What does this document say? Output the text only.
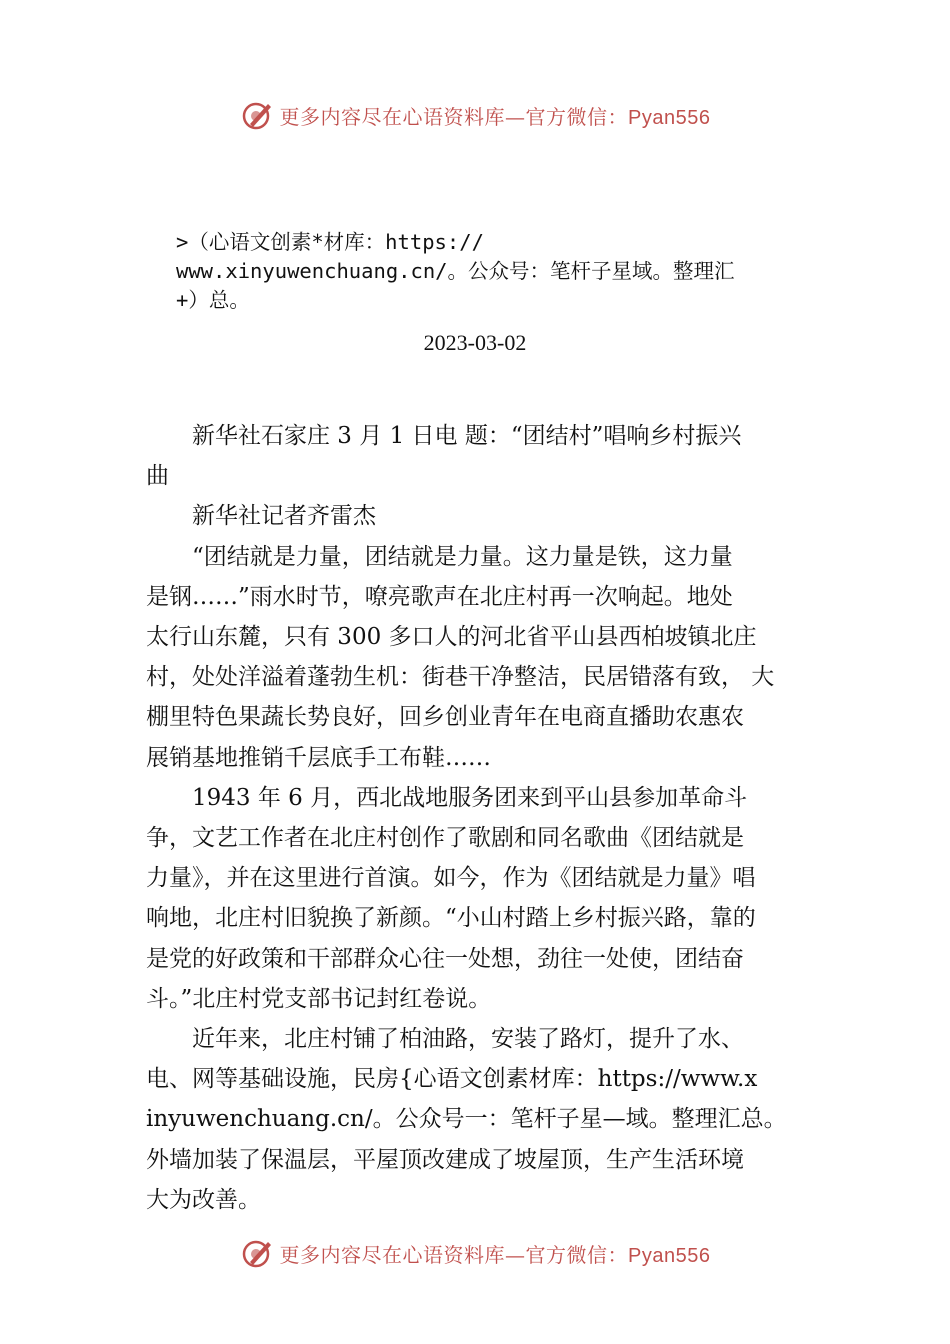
更多内容尽在心语资料库—官方微信：Pyan556
>（心语文创素*材库：https://
www.xinyuwenchuang.cn/。公众号：笔杆子星域。整理汇
+）总。
2023-03-02

　　新华社石家庄 3 月 1 日电 题：“团结村”唱响乡村振兴

曲

　　新华社记者齐雷杰

　　“团结就是力量，团结就是力量。这力量是铁，这力量

是钢……”雨水时节，嘹亮歌声在北庄村再一次响起。地处

太行山东麓，只有 300 多口人的河北省平山县西柏坡镇北庄

村，处处洋溢着蓬勃生机：街巷干净整洁，民居错落有致， 大

棚里特色果蔬长势良好，回乡创业青年在电商直播助农惠农

展销基地推销千层底手工布鞋……

　　1943 年 6 月，西北战地服务团来到平山县参加革命斗

争，文艺工作者在北庄村创作了歌剧和同名歌曲《团结就是

力量》，并在这里进行首演。如今，作为《团结就是力量》唱

响地，北庄村旧貌换了新颜。“小山村踏上乡村振兴路，靠的

是党的好政策和干部群众心往一处想，劲往一处使，团结奋

斗。”北庄村党支部书记封红卷说。

　　近年来，北庄村铺了柏油路，安装了路灯，提升了水、

电、网等基础设施，民房{心语文创素材库：https://www.x

inyuwenchuang.cn/。公众号一：笔杆子星—域。整理汇总。

外墙加装了保温层，平屋顶改建成了坡屋顶，生产生活环境

大为改善。

更多内容尽在心语资料库—官方微信：Pyan556
